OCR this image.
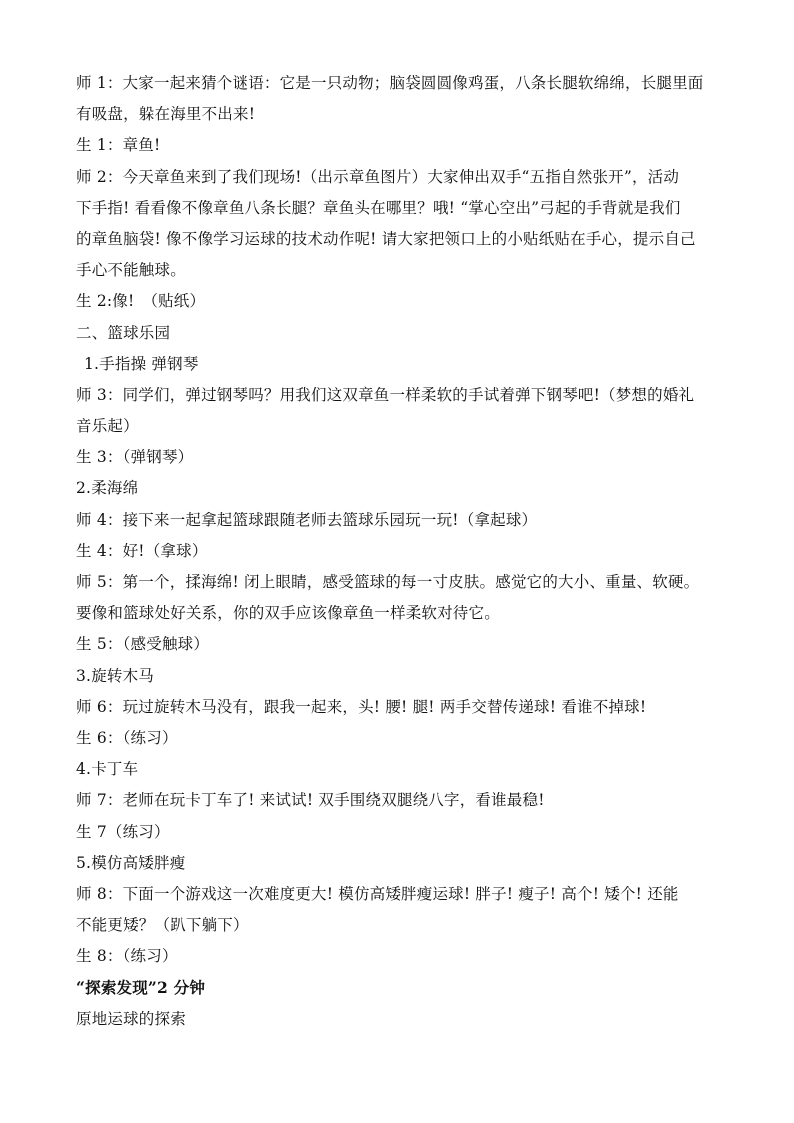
师 1：大家一起来猜个谜语：它是一只动物；脑袋圆圆像鸡蛋，八条长腿软绵绵，长腿里面
有吸盘，躲在海里不出来!
生 1：章鱼!
师 2：今天章鱼来到了我们现场!（出示章鱼图片）大家伸出双手“五指自然张开”，活动
下手指! 看看像不像章鱼八条长腿？章鱼头在哪里？哦! “掌心空出”弓起的手背就是我们
的章鱼脑袋! 像不像学习运球的技术动作呢! 请大家把领口上的小贴纸贴在手心，提示自己
手心不能触球。
生 2:像!　（贴纸）
二、篮球乐园
1.手指操 弹钢琴
师 3：同学们，弹过钢琴吗？用我们这双章鱼一样柔软的手试着弹下钢琴吧!（梦想的婚礼
音乐起）
生 3：（弹钢琴）
2.柔海绵
师 4：接下来一起拿起篮球跟随老师去篮球乐园玩一玩!（拿起球）
生 4：好!（拿球）
师 5：第一个，揉海绵! 闭上眼睛，感受篮球的每一寸皮肤。感觉它的大小、重量、软硬。
要像和篮球处好关系，你的双手应该像章鱼一样柔软对待它。
生 5：（感受触球）
3.旋转木马
师 6：玩过旋转木马没有，跟我一起来，头! 腰! 腿! 两手交替传递球! 看谁不掉球!
生 6：（练习）
4.卡丁车
师 7：老师在玩卡丁车了! 来试试! 双手围绕双腿绕八字，看谁最稳!
生 7（练习）
5.模仿高矮胖瘦
师 8：下面一个游戏这一次难度更大! 模仿高矮胖瘦运球! 胖子! 瘦子! 高个! 矮个! 还能
不能更矮？（趴下躺下）
生 8：（练习）
“探索发现”2 分钟
原地运球的探索
